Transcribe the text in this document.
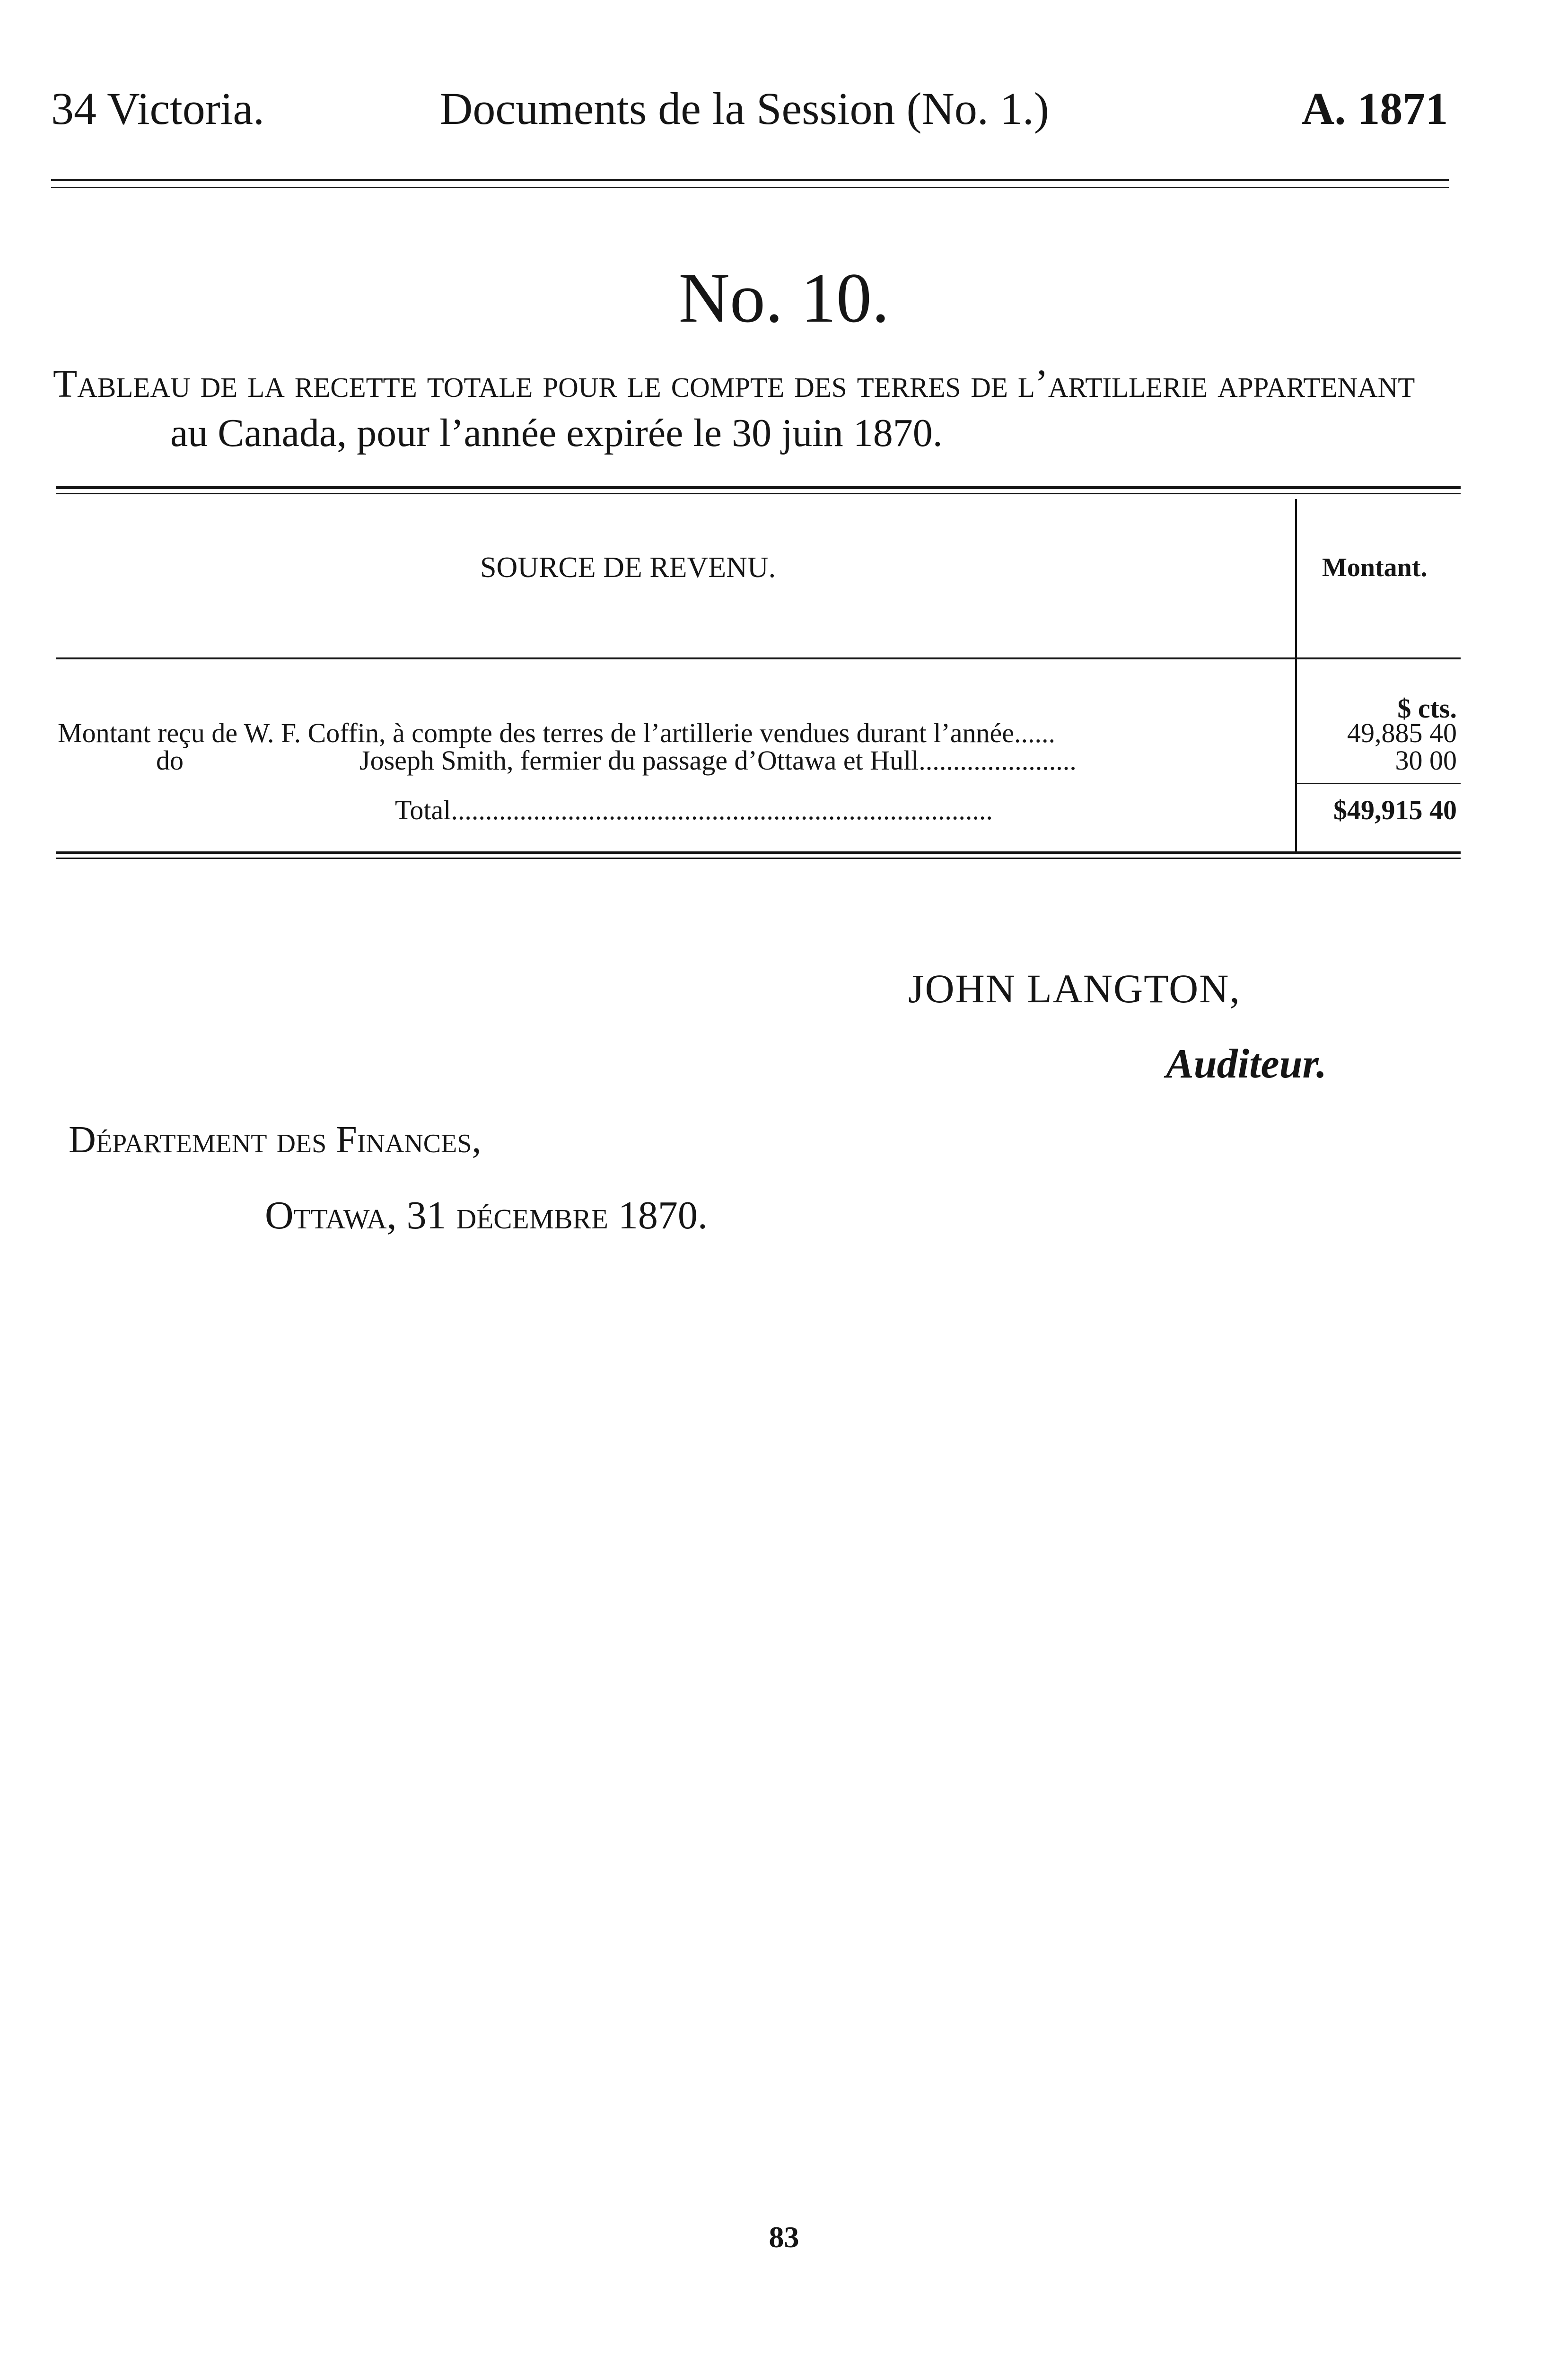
34 Victoria.	Documents de la Session (No. 1.)	A. 1871
No. 10.
Tableau de la recette totale pour le compte des terres de l’artillerie appartenant
au Canada, pour l’année expirée le 30 juin 1870.
SOURCE DE REVENU.	Montant.
$ cts.
Montant reçu de W. F. Coffin, à compte des terres de l’artillerie vendues durant l’année......	49,885 40
do	Joseph Smith, fermier du passage d’Ottawa et Hull.......................	30 00
Total...............................................................................	$49,915 40
JOHN LANGTON,
Auditeur.
Département des Finances,
Ottawa, 31 décembre 1870.
83
